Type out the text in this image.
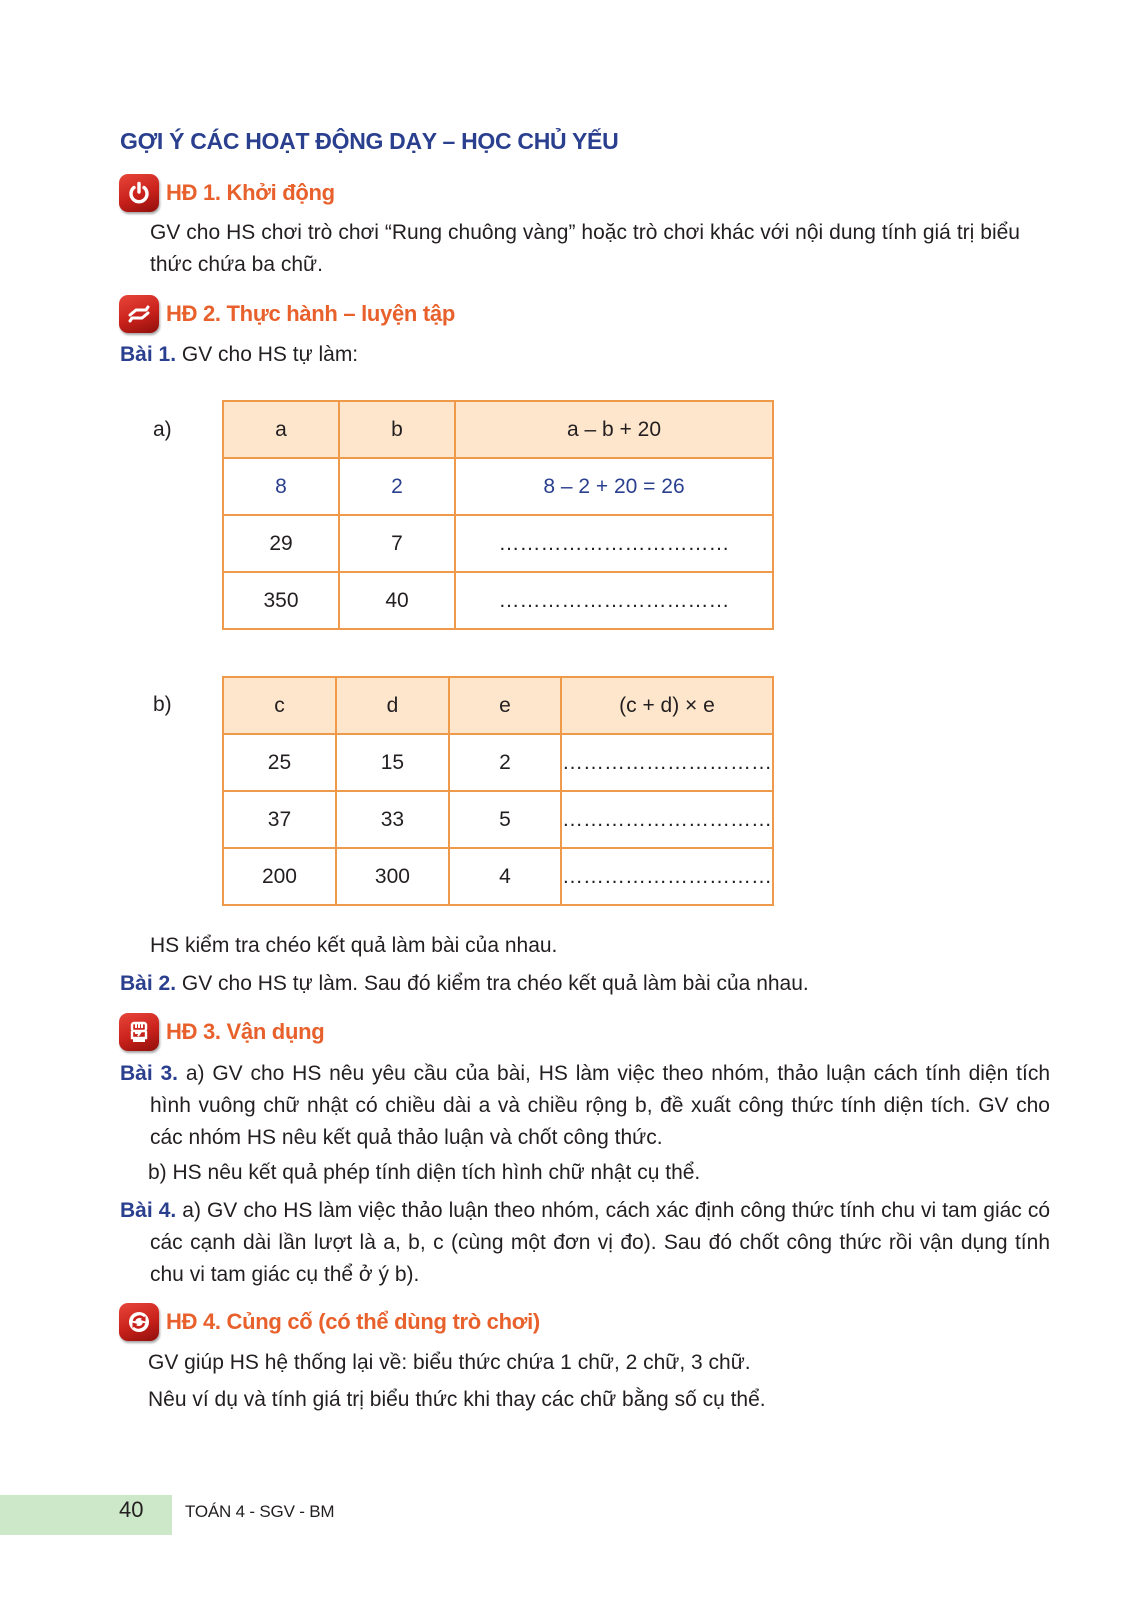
GỢI Ý CÁC HOẠT ĐỘNG DẠY – HỌC CHỦ YẾU
HĐ 1. Khởi động
GV cho HS chơi trò chơi “Rung chuông vàng” hoặc trò chơi khác với nội dung tính giá trị biểu thức chứa ba chữ.
HĐ 2. Thực hành – luyện tập
Bài 1. GV cho HS tự làm:
a)	a	b	a – b + 20
8	2	8 – 2 + 20 = 26
29	7	……………………………
350	40	……………………………
b)	c	d	e	(c + d) × e
25	15	2	…………………………
37	33	5	…………………………
200	300	4	…………………………
HS kiểm tra chéo kết quả làm bài của nhau.
Bài 2. GV cho HS tự làm. Sau đó kiểm tra chéo kết quả làm bài của nhau.
HĐ 3. Vận dụng
Bài 3. a) GV cho HS nêu yêu cầu của bài, HS làm việc theo nhóm, thảo luận cách tính diện tích hình vuông chữ nhật có chiều dài a và chiều rộng b, đề xuất công thức tính diện tích. GV cho các nhóm HS nêu kết quả thảo luận và chốt công thức.
b) HS nêu kết quả phép tính diện tích hình chữ nhật cụ thể.
Bài 4. a) GV cho HS làm việc thảo luận theo nhóm, cách xác định công thức tính chu vi tam giác có các cạnh dài lần lượt là a, b, c (cùng một đơn vị đo). Sau đó chốt công thức rồi vận dụng tính chu vi tam giác cụ thể ở ý b).
HĐ 4. Củng cố (có thể dùng trò chơi)
GV giúp HS hệ thống lại về: biểu thức chứa 1 chữ, 2 chữ, 3 chữ.
Nêu ví dụ và tính giá trị biểu thức khi thay các chữ bằng số cụ thể.
40 TOÁN 4 - SGV - BM
